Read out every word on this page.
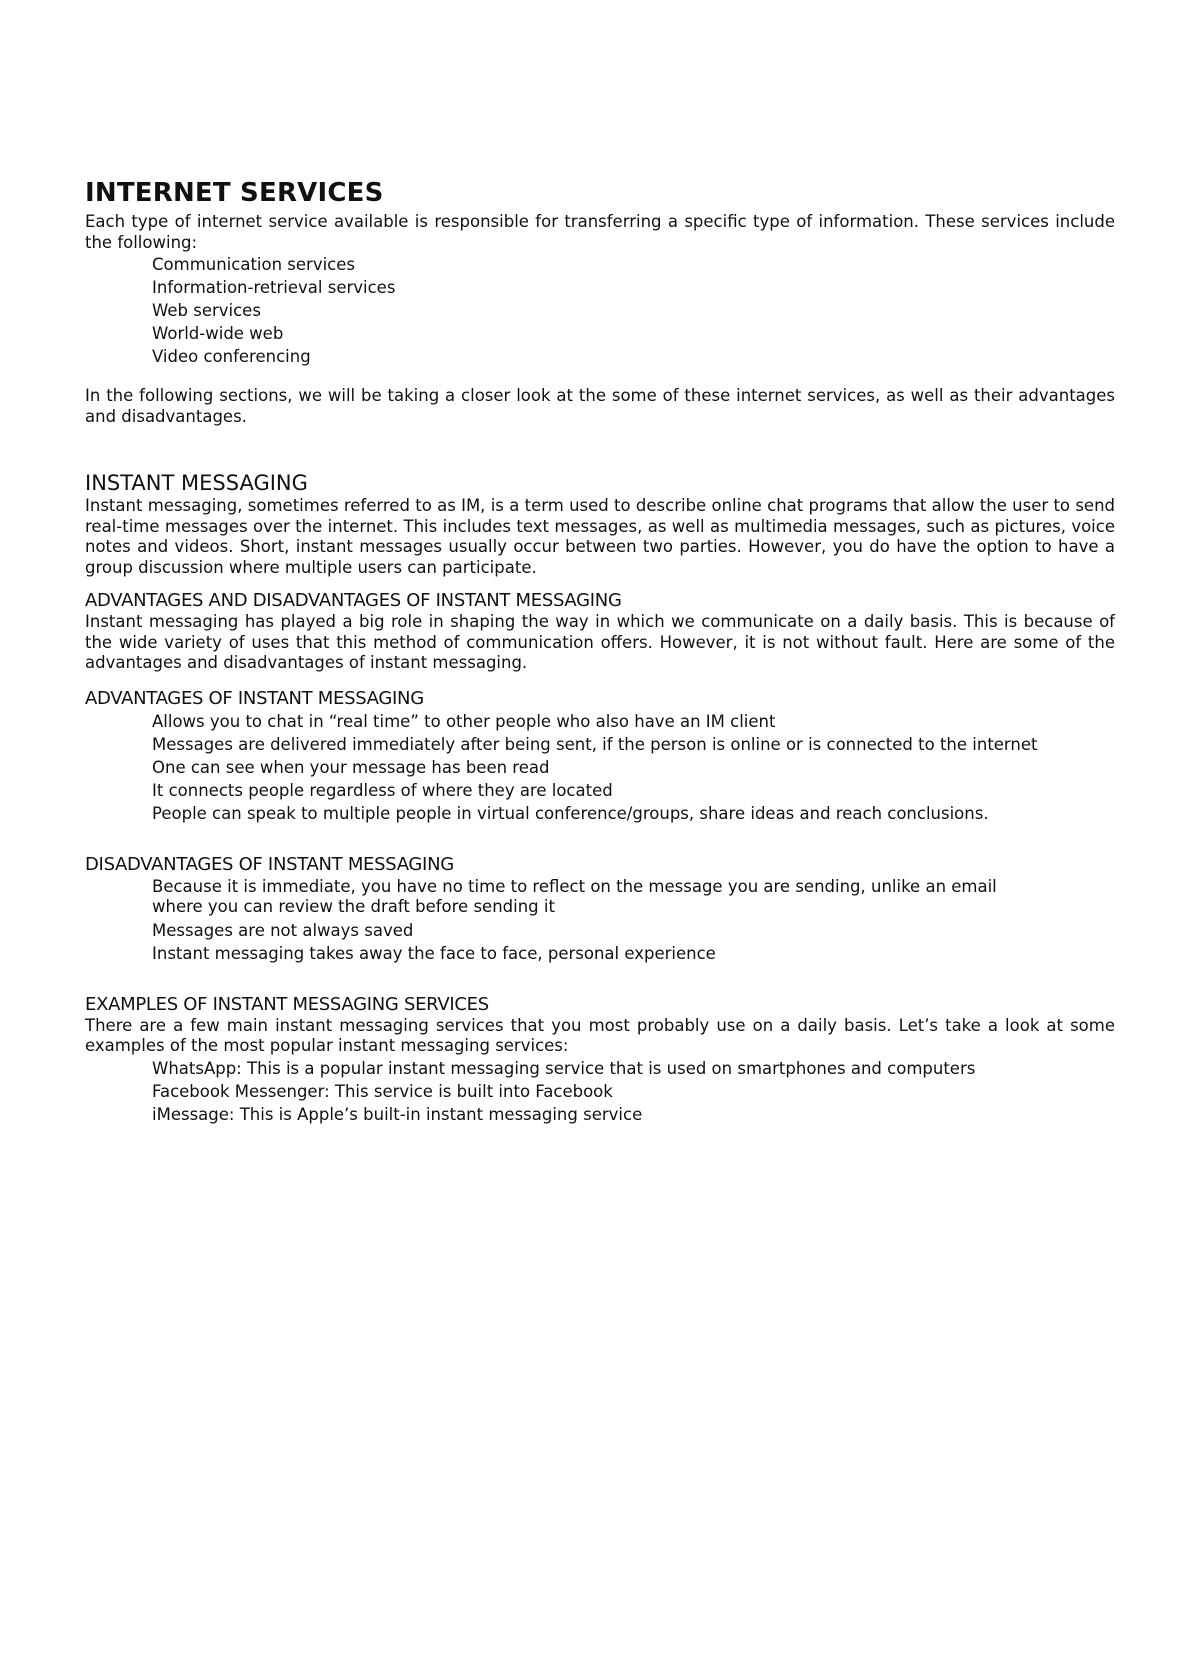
INTERNET SERVICES

Each type of internet service available is responsible for transferring a specific type of information. These services include the following:

Communication services
Information-retrieval services
Web services
World-wide web
Video conferencing

In the following sections, we will be taking a closer look at the some of these internet services, as well as their advantages and disadvantages.

INSTANT MESSAGING

Instant messaging, sometimes referred to as IM, is a term used to describe online chat programs that allow the user to send real-time messages over the internet. This includes text messages, as well as multimedia messages, such as pictures, voice notes and videos. Short, instant messages usually occur between two parties. However, you do have the option to have a group discussion where multiple users can participate.

ADVANTAGES AND DISADVANTAGES OF INSTANT MESSAGING

Instant messaging has played a big role in shaping the way in which we communicate on a daily basis. This is because of the wide variety of uses that this method of communication offers. However, it is not without fault. Here are some of the advantages and disadvantages of instant messaging.

ADVANTAGES OF INSTANT MESSAGING
Allows you to chat in “real time” to other people who also have an IM client
Messages are delivered immediately after being sent, if the person is online or is connected to the internet
One can see when your message has been read
It connects people regardless of where they are located
People can speak to multiple people in virtual conference/groups, share ideas and reach conclusions.
DISADVANTAGES OF INSTANT MESSAGING
Because it is immediate, you have no time to reflect on the message you are sending, unlike an email where you can review the draft before sending it
Messages are not always saved
Instant messaging takes away the face to face, personal experience
EXAMPLES OF INSTANT MESSAGING SERVICES

There are a few main instant messaging services that you most probably use on a daily basis. Let’s take a look at some examples of the most popular instant messaging services:

WhatsApp: This is a popular instant messaging service that is used on smartphones and computers
Facebook Messenger: This service is built into Facebook
iMessage: This is Apple’s built-in instant messaging service
